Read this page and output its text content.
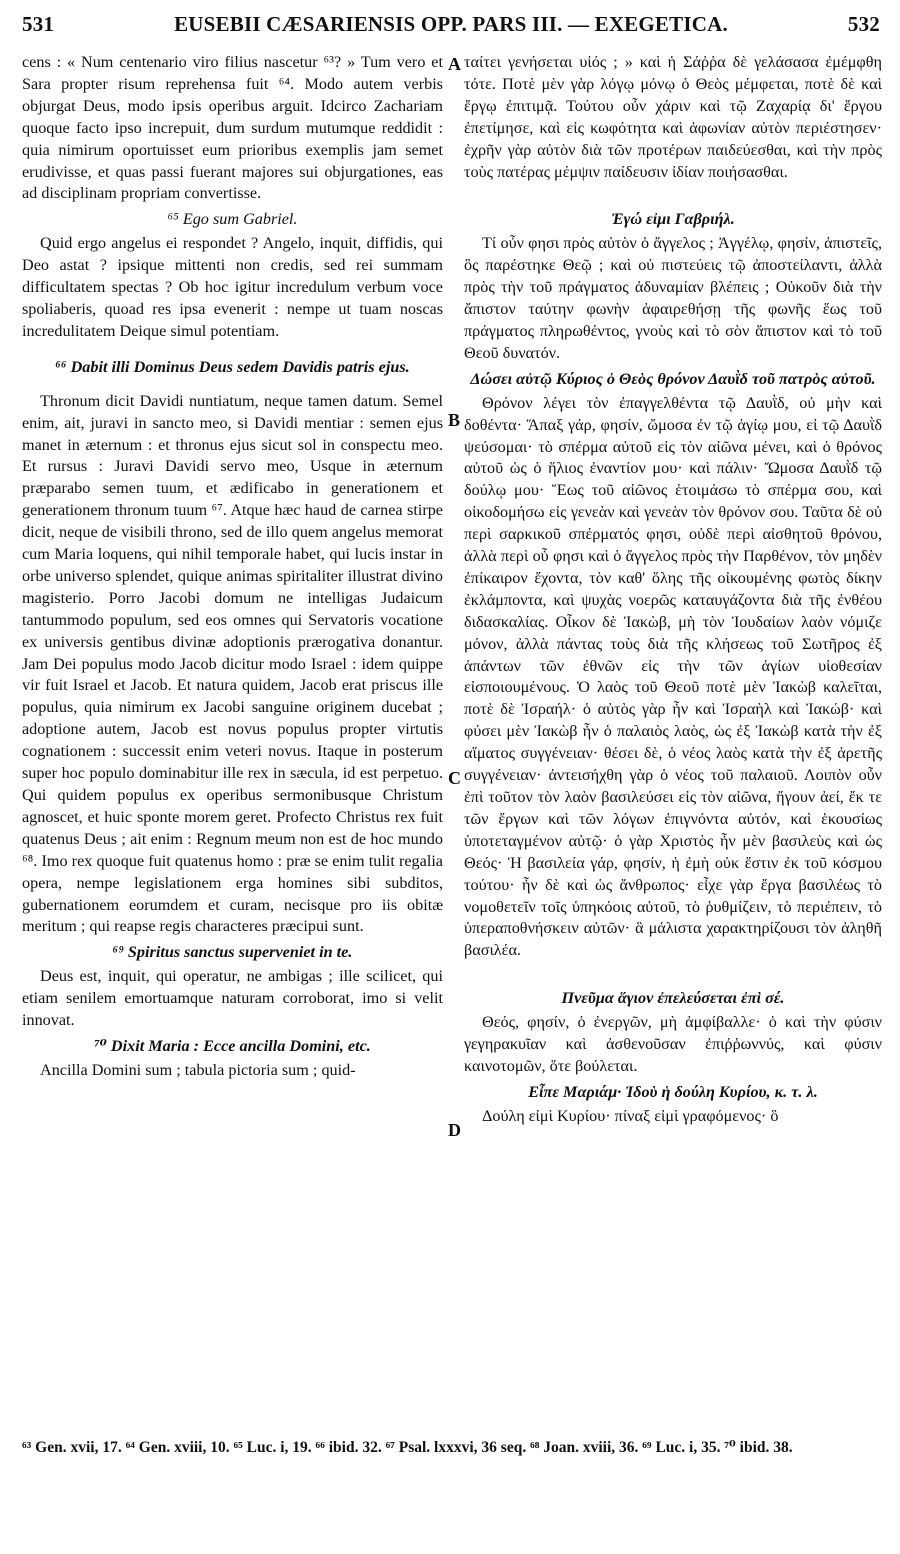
531	EUSEBII CÆSARIENSIS OPP. PARS III. — EXEGETICA.	532

cens : « Num centenario viro filius nascetur ⁶³? » Tum vero et Sara propter risum reprehensa fuit ⁶⁴. Modo autem verbis objurgat Deus, modo ipsis operibus arguit. Idcirco Zachariam quoque facto ipso increpuit, dum surdum mutumque reddidit : quia nimirum oportuisset eum prioribus exemplis jam semet erudivisse, et quas passi fuerant majores sui objurgationes, eas ad disciplinam propriam convertisse.

⁶⁵ Ego sum Gabriel.

Quid ergo angelus ei respondet ? Angelo, inquit, diffidis, qui Deo astat ? ipsique mittenti non credis, sed rei summam difficultatem spectas ? Ob hoc igitur incredulum verbum voce spoliaberis, quoad res ipsa evenerit : nempe ut tuam noscas incredulitatem Deique simul potentiam.

⁶⁶ Dabit illi Dominus Deus sedem Davidis patris ejus.

Thronum dicit Davidi nuntiatum, neque tamen datum. Semel enim, ait, juravi in sancto meo, si Davidi mentiar : semen ejus manet in æternum : et thronus ejus sicut sol in conspectu meo. Et rursus : Juravi Davidi servo meo, Usque in æternum præparabo semen tuum, et ædificabo in generationem et generationem thronum tuum ⁶⁷. Atque hæc haud de carnea stirpe dicit, neque de visibili throno, sed de illo quem angelus memorat cum Maria loquens, qui nihil temporale habet, qui lucis instar in orbe universo splendet, quique animas spiritaliter illustrat divino magisterio. Porro Jacobi domum ne intelligas Judaicum tantummodo populum, sed eos omnes qui Servatoris vocatione ex universis gentibus divinæ adoptionis prærogativa donantur. Jam Dei populus modo Jacob dicitur modo Israel : idem quippe vir fuit Israel et Jacob. Et natura quidem, Jacob erat priscus ille populus, quia nimirum ex Jacobi sanguine originem ducebat ; adoptione autem, Jacob est novus populus propter virtutis cognationem : successit enim veteri novus. Itaque in posterum super hoc populo dominabitur ille rex in sæcula, id est perpetuo. Qui quidem populus ex operibus sermonibusque Christum agnoscet, et huic sponte morem geret. Profecto Christus rex fuit quatenus Deus ; ait enim : Regnum meum non est de hoc mundo ⁶⁸. Imo rex quoque fuit quatenus homo : præ se enim tulit regalia opera, nempe legislationem erga homines sibi subditos, gubernationem eorumdem et curam, necisque pro iis obitæ meritum ; qui reapse regis characteres præcipui sunt.

⁶⁹ Spiritus sanctus superveniet in te.

Deus est, inquit, qui operatur, ne ambigas ; ille scilicet, qui etiam senilem emortuamque naturam corroborat, imo si velit innovat.

⁷⁰ Dixit Maria : Ecce ancilla Domini, etc.

Ancilla Domini sum ; tabula pictoria sum ; quid-

A
B
C
D

ταίτει γενήσεται υἱός ; » καὶ ἡ Σάῤῥα δὲ γελάσασα ἐμέμφθη τότε. Ποτὲ μὲν γὰρ λόγῳ μόνῳ ὁ Θεὸς μέμφεται, ποτὲ δὲ καὶ ἔργῳ ἐπιτιμᾷ. Τούτου οὖν χάριν καὶ τῷ Ζαχαρίᾳ δι' ἔργου ἐπετίμησε, καὶ εἰς κωφότητα καὶ ἀφωνίαν αὐτὸν περιέστησεν· ἐχρῆν γὰρ αὐτὸν διὰ τῶν προτέρων παιδεύεσθαι, καὶ τὴν πρὸς τοὺς πατέρας μέμψιν παίδευσιν ἰδίαν ποιήσασθαι.

Ἐγώ εἰμι Γαβριήλ.

Τί οὖν φησι πρὸς αὐτὸν ὁ ἄγγελος ; Ἀγγέλῳ, φησίν, ἀπιστεῖς, ὃς παρέστηκε Θεῷ ; καὶ οὐ πιστεύεις τῷ ἀποστείλαντι, ἀλλὰ πρὸς τὴν τοῦ πράγματος ἀδυναμίαν βλέπεις ; Οὐκοῦν διὰ τὴν ἄπιστον ταύτην φωνὴν ἀφαιρεθήσῃ τῆς φωνῆς ἕως τοῦ πράγματος πληρωθέντος, γνοὺς καὶ τὸ σὸν ἄπιστον καὶ τὸ τοῦ Θεοῦ δυνατόν.

Δώσει αὐτῷ Κύριος ὁ Θεὸς θρόνον Δαυῒδ τοῦ πατρὸς αὐτοῦ.

Θρόνον λέγει τὸν ἐπαγγελθέντα τῷ Δαυῒδ, οὐ μὴν καὶ δοθέντα· Ἅπαξ γάρ, φησίν, ὤμοσα ἐν τῷ ἁγίῳ μου, εἰ τῷ Δαυῒδ ψεύσομαι· τὸ σπέρμα αὐτοῦ εἰς τὸν αἰῶνα μένει, καὶ ὁ θρόνος αὐτοῦ ὡς ὁ ἥλιος ἐναντίον μου· καὶ πάλιν· Ὤμοσα Δαυῒδ τῷ δούλῳ μου· Ἕως τοῦ αἰῶνος ἑτοιμάσω τὸ σπέρμα σου, καὶ οἰκοδομήσω εἰς γενεὰν καὶ γενεὰν τὸν θρόνον σου. Ταῦτα δὲ οὐ περὶ σαρκικοῦ σπέρματός φησι, οὐδὲ περὶ αἰσθητοῦ θρόνου, ἀλλὰ περὶ οὗ φησι καὶ ὁ ἄγγελος πρὸς τὴν Παρθένον, τὸν μηδὲν ἐπίκαιρον ἔχοντα, τὸν καθ' ὅλης τῆς οἰκουμένης φωτὸς δίκην ἐκλάμποντα, καὶ ψυχὰς νοερῶς καταυγάζοντα διὰ τῆς ἐνθέου διδασκαλίας. Οἶκον δὲ Ἰακὼβ, μὴ τὸν Ἰουδαίων λαὸν νόμιζε μόνον, ἀλλὰ πάντας τοὺς διὰ τῆς κλήσεως τοῦ Σωτῆρος ἐξ ἁπάντων τῶν ἐθνῶν εἰς τὴν τῶν ἁγίων υἱοθεσίαν εἰσποιουμένους. Ὁ λαὸς τοῦ Θεοῦ ποτὲ μὲν Ἰακὼβ καλεῖται, ποτὲ δὲ Ἰσραήλ· ὁ αὐτὸς γὰρ ἦν καὶ Ἰσραὴλ καὶ Ἰακώβ· καὶ φύσει μὲν Ἰακὼβ ἦν ὁ παλαιὸς λαὸς, ὡς ἐξ Ἰακὼβ κατὰ τὴν ἐξ αἵματος συγγένειαν· θέσει δὲ, ὁ νέος λαὸς κατὰ τὴν ἐξ ἀρετῆς συγγένειαν· ἀντεισήχθη γὰρ ὁ νέος τοῦ παλαιοῦ. Λοιπὸν οὖν ἐπὶ τοῦτον τὸν λαὸν βασιλεύσει εἰς τὸν αἰῶνα, ἤγουν ἀεί, ἔκ τε τῶν ἔργων καὶ τῶν λόγων ἐπιγνόντα αὐτόν, καὶ ἑκουσίως ὑποτεταγμένον αὐτῷ· ὁ γὰρ Χριστὸς ἦν μὲν βασιλεὺς καὶ ὡς Θεός· Ἡ βασιλεία γάρ, φησίν, ἡ ἐμὴ οὐκ ἔστιν ἐκ τοῦ κόσμου τούτου· ἦν δὲ καὶ ὡς ἄνθρωπος· εἶχε γὰρ ἔργα βασιλέως τὸ νομοθετεῖν τοῖς ὑπηκόοις αὐτοῦ, τὸ ῥυθμίζειν, τὸ περιέπειν, τὸ ὑπεραποθνήσκειν αὐτῶν· ἃ μάλιστα χαρακτηρίζουσι τὸν ἀληθῆ βασιλέα.

Πνεῦμα ἅγιον ἐπελεύσεται ἐπὶ σέ.

Θεός, φησίν, ὁ ἐνεργῶν, μὴ ἀμφίβαλλε· ὁ καὶ τὴν φύσιν γεγηρακυῖαν καὶ ἀσθενοῦσαν ἐπιῤῥωννύς, καὶ φύσιν καινοτομῶν, ὅτε βούλεται.

Εἶπε Μαριάμ· Ἰδοὺ ἡ δούλη Κυρίου, κ. τ. λ.

Δούλη εἰμὶ Κυρίου· πίναξ εἰμὶ γραφόμενος· ὃ

⁶³ Gen. xvii, 17. ⁶⁴ Gen. xviii, 10. ⁶⁵ Luc. i, 19. ⁶⁶ ibid. 32. ⁶⁷ Psal. lxxxvi, 36 seq. ⁶⁸ Joan. xviii, 36. ⁶⁹ Luc. i, 35. ⁷⁰ ibid. 38.
